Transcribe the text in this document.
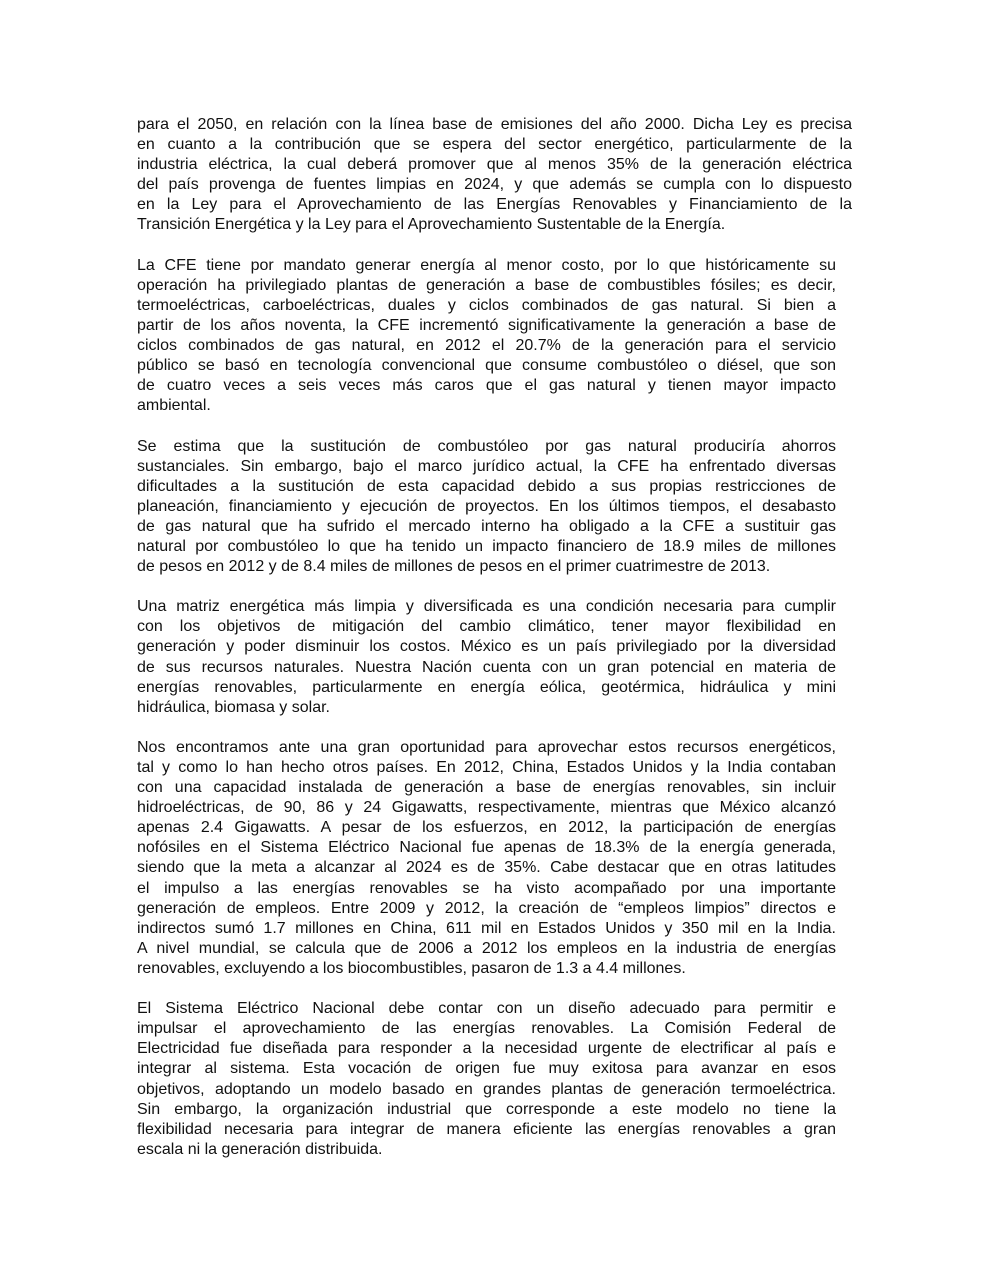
para el 2050, en relación con la línea base de emisiones del año 2000. Dicha Ley es precisa
en cuanto a la contribución que se espera del sector energético, particularmente de la
industria eléctrica, la cual deberá promover que al menos 35% de la generación eléctrica
del país provenga de fuentes limpias en 2024, y que además se cumpla con lo dispuesto
en la Ley para el Aprovechamiento de las Energías Renovables y Financiamiento de la
Transición Energética y la Ley para el Aprovechamiento Sustentable de la Energía.
La CFE tiene por mandato generar energía al menor costo, por lo que históricamente su
operación ha privilegiado plantas de generación a base de combustibles fósiles; es decir,
termoeléctricas, carboeléctricas, duales y ciclos combinados de gas natural. Si bien a
partir de los años noventa, la CFE incrementó significativamente la generación a base de
ciclos combinados de gas natural, en 2012 el 20.7% de la generación para el servicio
público se basó en tecnología convencional que consume combustóleo o diésel, que son
de cuatro veces a seis veces más caros que el gas natural y tienen mayor impacto
ambiental.
Se estima que la sustitución de combustóleo por gas natural produciría ahorros
sustanciales. Sin embargo, bajo el marco jurídico actual, la CFE ha enfrentado diversas
dificultades a la sustitución de esta capacidad debido a sus propias restricciones de
planeación, financiamiento y ejecución de proyectos. En los últimos tiempos, el desabasto
de gas natural que ha sufrido el mercado interno ha obligado a la CFE a sustituir gas
natural por combustóleo lo que ha tenido un impacto financiero de 18.9 miles de millones
de pesos en 2012 y de 8.4 miles de millones de pesos en el primer cuatrimestre de 2013.
Una matriz energética más limpia y diversificada es una condición necesaria para cumplir
con los objetivos de mitigación del cambio climático, tener mayor flexibilidad en
generación y poder disminuir los costos. México es un país privilegiado por la diversidad
de sus recursos naturales. Nuestra Nación cuenta con un gran potencial en materia de
energías renovables, particularmente en energía eólica, geotérmica, hidráulica y mini
hidráulica, biomasa y solar.
Nos encontramos ante una gran oportunidad para aprovechar estos recursos energéticos,
tal y como lo han hecho otros países. En 2012, China, Estados Unidos y la India contaban
con una capacidad instalada de generación a base de energías renovables, sin incluir
hidroeléctricas, de 90, 86 y 24 Gigawatts, respectivamente, mientras que México alcanzó
apenas 2.4 Gigawatts. A pesar de los esfuerzos, en 2012, la participación de energías
nofósiles en el Sistema Eléctrico Nacional fue apenas de 18.3% de la energía generada,
siendo que la meta a alcanzar al 2024 es de 35%. Cabe destacar que en otras latitudes
el impulso a las energías renovables se ha visto acompañado por una importante
generación de empleos. Entre 2009 y 2012, la creación de “empleos limpios” directos e
indirectos sumó 1.7 millones en China, 611 mil en Estados Unidos y 350 mil en la India.
A nivel mundial, se calcula que de 2006 a 2012 los empleos en la industria de energías
renovables, excluyendo a los biocombustibles, pasaron de 1.3 a 4.4 millones.
El Sistema Eléctrico Nacional debe contar con un diseño adecuado para permitir e
impulsar el aprovechamiento de las energías renovables. La Comisión Federal de
Electricidad fue diseñada para responder a la necesidad urgente de electrificar al país e
integrar al sistema. Esta vocación de origen fue muy exitosa para avanzar en esos
objetivos, adoptando un modelo basado en grandes plantas de generación termoeléctrica.
Sin embargo, la organización industrial que corresponde a este modelo no tiene la
flexibilidad necesaria para integrar de manera eficiente las energías renovables a gran
escala ni la generación distribuida.
